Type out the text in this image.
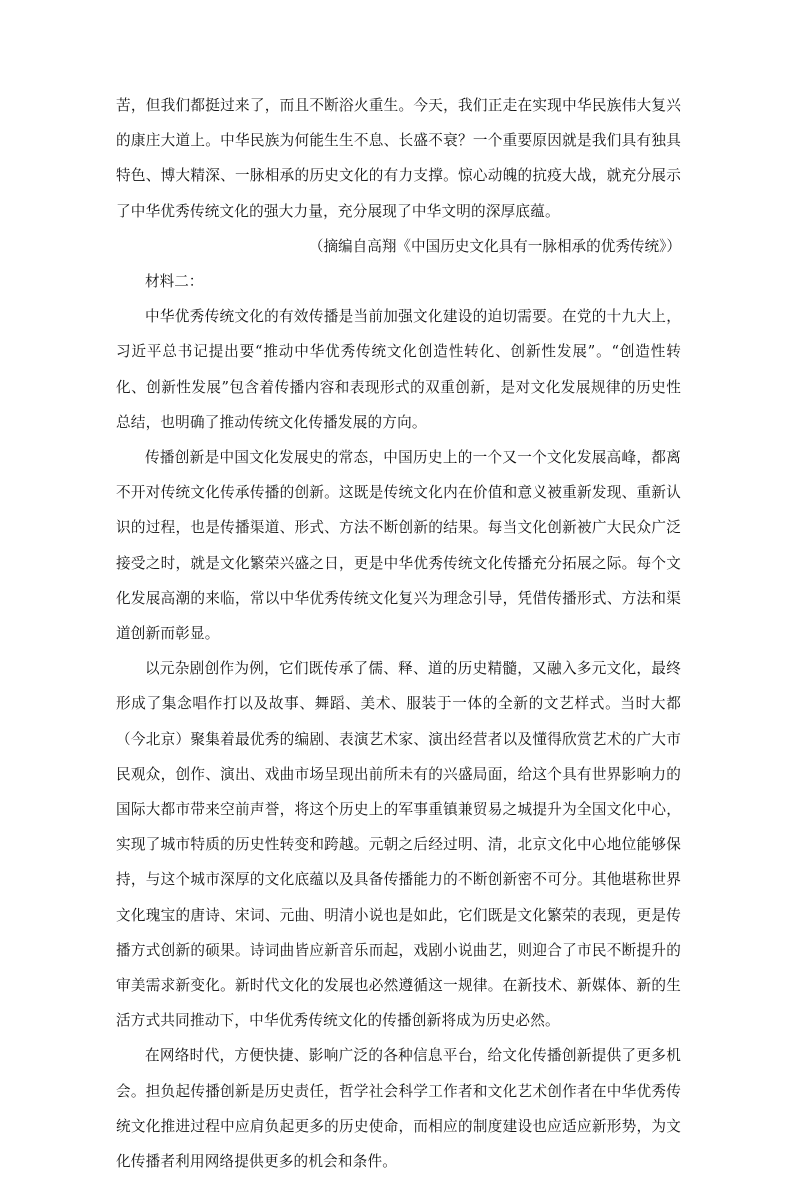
苦，但我们都挺过来了，而且不断浴火重生。今天，我们正走在实现中华民族伟大复兴的康庄大道上。中华民族为何能生生不息、长盛不衰？一个重要原因就是我们具有独具特色、博大精深、一脉相承的历史文化的有力支撑。惊心动魄的抗疫大战，就充分展示了中华优秀传统文化的强大力量，充分展现了中华文明的深厚底蕴。

（摘编自高翔《中国历史文化具有一脉相承的优秀传统》）

材料二：

中华优秀传统文化的有效传播是当前加强文化建设的迫切需要。在党的十九大上，习近平总书记提出要“推动中华优秀传统文化创造性转化、创新性发展”。“创造性转化、创新性发展”包含着传播内容和表现形式的双重创新，是对文化发展规律的历史性总结，也明确了推动传统文化传播发展的方向。

传播创新是中国文化发展史的常态，中国历史上的一个又一个文化发展高峰，都离不开对传统文化传承传播的创新。这既是传统文化内在价值和意义被重新发现、重新认识的过程，也是传播渠道、形式、方法不断创新的结果。每当文化创新被广大民众广泛接受之时，就是文化繁荣兴盛之日，更是中华优秀传统文化传播充分拓展之际。每个文化发展高潮的来临，常以中华优秀传统文化复兴为理念引导，凭借传播形式、方法和渠道创新而彰显。

以元杂剧创作为例，它们既传承了儒、释、道的历史精髓，又融入多元文化，最终形成了集念唱作打以及故事、舞蹈、美术、服装于一体的全新的文艺样式。当时大都（今北京）聚集着最优秀的编剧、表演艺术家、演出经营者以及懂得欣赏艺术的广大市民观众，创作、演出、戏曲市场呈现出前所未有的兴盛局面，给这个具有世界影响力的国际大都市带来空前声誉，将这个历史上的军事重镇兼贸易之城提升为全国文化中心，实现了城市特质的历史性转变和跨越。元朝之后经过明、清，北京文化中心地位能够保持，与这个城市深厚的文化底蕴以及具备传播能力的不断创新密不可分。其他堪称世界文化瑰宝的唐诗、宋词、元曲、明清小说也是如此，它们既是文化繁荣的表现，更是传播方式创新的硕果。诗词曲皆应新音乐而起，戏剧小说曲艺，则迎合了市民不断提升的审美需求新变化。新时代文化的发展也必然遵循这一规律。在新技术、新媒体、新的生活方式共同推动下，中华优秀传统文化的传播创新将成为历史必然。

在网络时代，方便快捷、影响广泛的各种信息平台，给文化传播创新提供了更多机会。担负起传播创新是历史责任，哲学社会科学工作者和文化艺术创作者在中华优秀传统文化推进过程中应肩负起更多的历史使命，而相应的制度建设也应适应新形势，为文化传播者利用网络提供更多的机会和条件。
